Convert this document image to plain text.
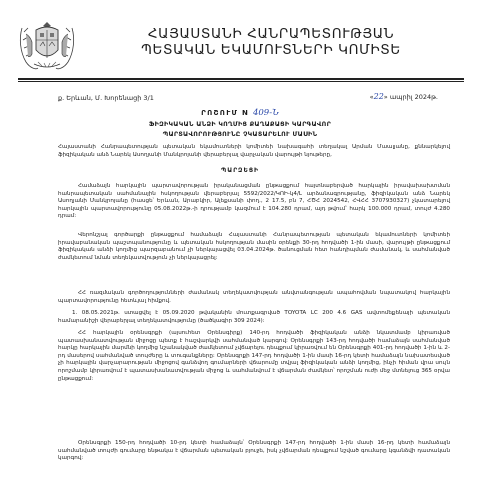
ՀԱՅԱՍՏԱՆԻ ՀԱՆՐԱՊԵՏՈՒԹՅԱՆ
ՊԵՏԱԿԱՆ ԵԿԱՄՈՒՏՆԵՐԻ ԿՈՄԻՏԵ
ք. Երևան, Մ. Խորենացի 3/1	«22» ապրիլ 2024թ.
ՐՈՇՈՒՄ N 409-Ն
ՖԻԶԻԿԱԿԱՆ ԱՆՁԻ ԿՈՂՄԻՑ ՔԱՂԱՔԱՑԻ ԿԱՐԳԱՎՈՐ
ՊԱՐՏԱՎՈՐՈՒԹՅՈՒՆԸ ՉԿԱՏԱՐԵԼՈՒ ՄԱՍԻՆ
Հայաստանի Հանրապետության պետական եկամուտների կոմիտեի նախագահի տեղակալ Արման Մաալյանը, քննարկելով ֆիզիկական անձ Նարեկ Ասողյանի Մանկրոյանի վերաբերյալ վարչական վարույթի նյութերը,
ՊԱՐԶԵՑԻ
Համաձայն հարկային պարտավորության իրականացման ընթացքում հայտնաբերված հարկային իրավախախտման հանրապետական սահմանային հսկողության վերաբերյալ 5592/2022/ԿՈԻ-կ4/Լ արձանագրությանը, ֆիզիկական անձ Նարեկ Ասողյանի Մանկրոյանը (հասցե՝ Երևան, Արաբկիր, Ալեքսանի փող., 2 17.5, բն 7, ՀԾՀ 2024542, ՀՎՀՀ 3707930327) չկատարելով հարկային պարտավորությունը 05.08.2022թ.-ի դրությամբ կազմում է 104.280 դրամ, այդ թվում՝ հարկ 100.000 դրամ, տույժ 4.280 դրամ:
Վերոնշյալ գործարքի ընթացքում համաձայն Հայաստանի Հանրապետության պետական եկամուտների կոմիտեի իրավաբանական պաշտպանությունը և պետական հսկողության մասին օրենքի 30-րդ հոդվածի 1-ին մասի, վարույթի ընթացքում ֆիզիկական անձի կողմից պարզաբանում չի ներկայացվել 03.04.2024թ. ծանուցման հետ հանդիպման ժամանակ, և սահմանված ժամկետում նման տեղեկատվություն չի ներկայացրել:
ՀՀ ռազմական գործողությունների ժամանակ տեղեկատվության անվտանգության ապահովման նպատակով հարկային պարտավորությունը հետևյալ հիմքով.
1. 08.05.2021թ. ստացվել է 05.09.2020 թվականին մուտքագրված TOYOTA LC 200 4.6 GAS ավտոմեքենայի պետական համարանիշի վերաբերյալ տեղեկատվությունը (ծածկագիր 309 2024):
ՀՀ հարկային օրենսգրքի (այսուհետ Օրենսգիրք) 140-րդ հոդվածի ֆիզիկական անձի նկատմամբ կիրառված պատասխանատվության միջոցը պետք է հաշվարկվի սահմանված կարգով: Օրենսգրքի 143-րդ հոդվածի համաձայն սահմանված հարկը հարկային մարմնի կողմից նշանակված ժամկետում չվճարելու դեպքում կիրառվում են Օրենսգրքի 401-րդ հոդվածի 1-ին և 2-րդ մասերով սահմանված տույժերը և տուգանքները: Օրենսգրքի 147-րդ հոդվածի 1-ին մասի 16-րդ կետի համաձայն նախատեսված չի հարկային վարչարարության միջոցով գանձվող գումարների վճարումը տվյալ ֆիզիկական անձի կողմից, ինչի հիման վրա սույն որոշմամբ կիրառվում է պատասխանատվության միջոց և սահմանվում է վճարման ժամկետ՝ որոշման ուժի մեջ մտնելուց 365 օրվա ընթացքում:
Օրենսգրքի 150-րդ հոդվածի 10-րդ կետի համաձայն՝ Օրենսգրքի 147-րդ հոդվածի 1-ին մասի 16-րդ կետի համաձայն սահմանված տույժի գումարը ենթակա է վճարման պետական բյուջե, իսկ չվճարման դեպքում նշված գումարը կգանձվի դատական կարգով:
